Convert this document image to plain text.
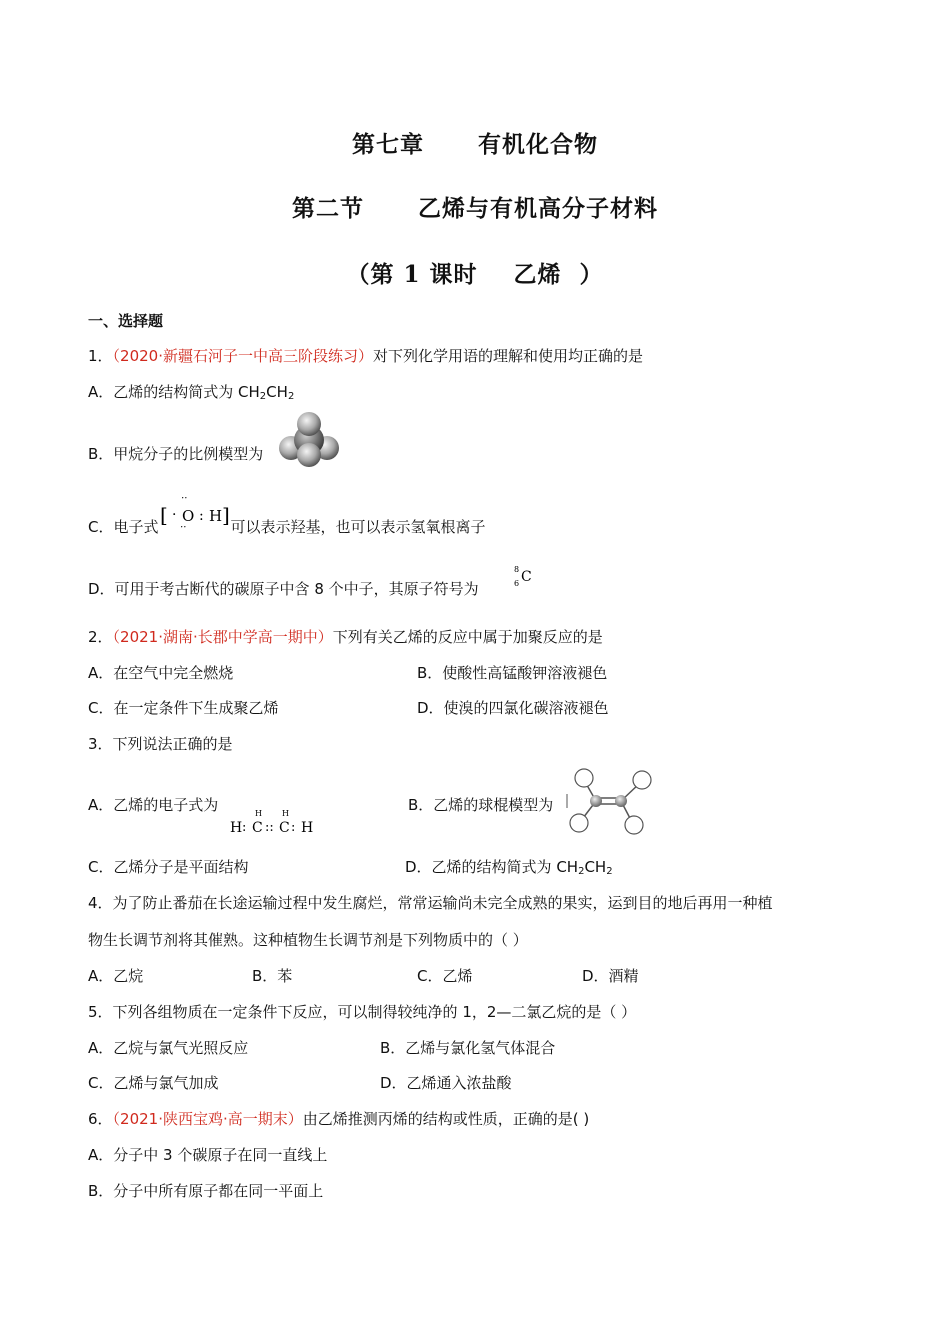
第七章      有机化合物
第二节      乙烯与有机高分子材料
（第 1 课时    乙烯  ）
一、选择题
1．（2020·新疆石河子一中高三阶段练习）对下列化学用语的理解和使用均正确的是
A．乙烯的结构简式为 $CH_2CH_2$
B．甲烷分子的比例模型为
C．电子式	可以表示羟基，也可以表示氢氧根离子
[ ·
:
O
:
: H ]
D．可用于考古断代的碳原子中含 8 个中子，其原子符号为
8
6 C
2．（2021·湖南·长郡中学高一期中）下列有关乙烯的反应中属于加聚反应的是
A．在空气中完全燃烧	B．使酸性高锰酸钾溶液褪色
C．在一定条件下生成聚乙烯	D．使溴的四氯化碳溶液褪色
3．下列说法正确的是
A．乙烯的电子式为	H	H
H : C :: C : H
B．乙烯的球棍模型为
C．乙烯分子是平面结构	D．乙烯的结构简式为 $CH_2CH_2$
4．为了防止番茄在长途运输过程中发生腐烂，常常运输尚未完全成熟的果实，运到目的地后再用一种植
物生长调节剂将其催熟。这种植物生长调节剂是下列物质中的（ ）
A．乙烷	B．苯	C．乙烯	D．酒精
5．下列各组物质在一定条件下反应，可以制得较纯净的 1，2—二氯乙烷的是（ ）
A．乙烷与氯气光照反应	B．乙烯与氯化氢气体混合
C．乙烯与氯气加成	D．乙烯通入浓盐酸
6．（2021·陕西宝鸡·高一期末）由乙烯推测丙烯的结构或性质，正确的是( )
A．分子中 3 个碳原子在同一直线上
B．分子中所有原子都在同一平面上
